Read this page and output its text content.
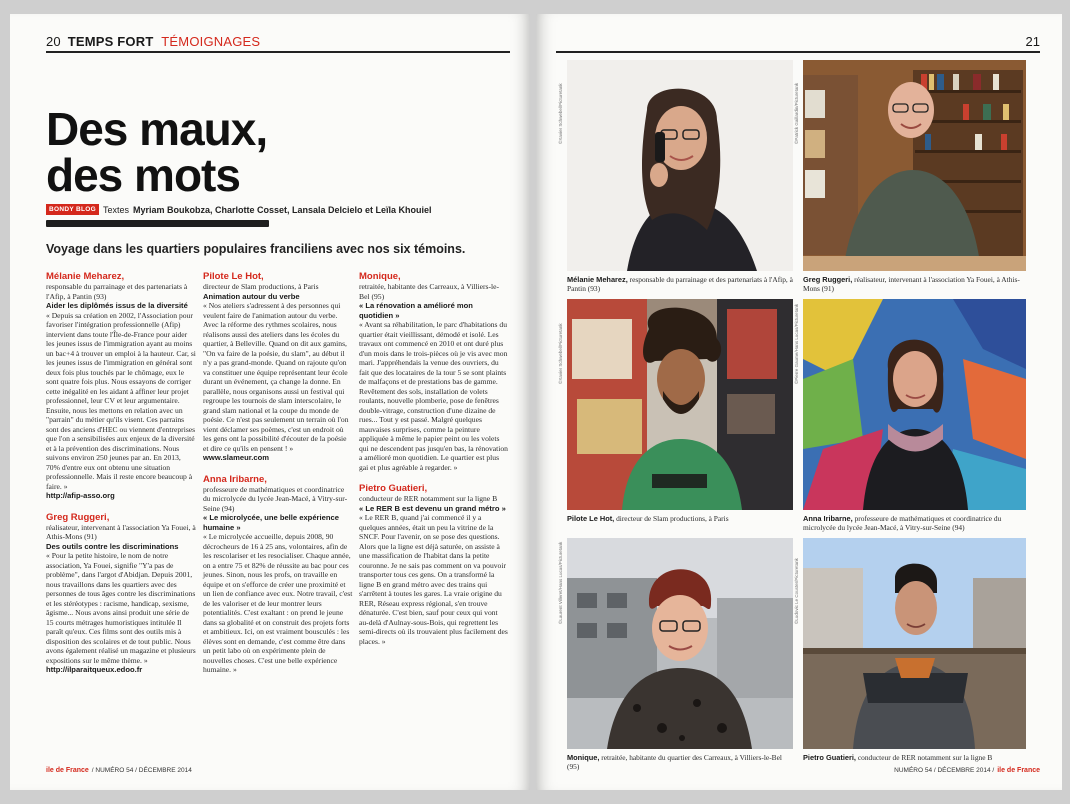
20 TEMPS FORT TÉMOIGNAGES
Des maux,
des mots
BONDY BLOG Textes Myriam Boukobza, Charlotte Cosset, Lansala Delcielo et Leïla Khouiel
Voyage dans les quartiers populaires franciliens avec nos six témoins.
Mélanie Meharez,

responsable du parrainage et des partenariats à l'Afip, à Pantin (93)

Aider les diplômés issus de la diversité

« Depuis sa création en 2002, l'Association pour favoriser l'intégration professionnelle (Afip) intervient dans toute l'Île-de-France pour aider les jeunes issus de l'immigration ayant au moins un bac+4 à trouver un emploi à la hauteur. Car, si les jeunes issus de l'immigration en général sont deux fois plus touchés par le chômage, eux le sont quatre fois plus. Nous essayons de corriger cette inégalité en les aidant à affiner leur projet professionnel, leur CV et leur argumentaire. Ensuite, nous les mettons en relation avec un "parrain" du métier qu'ils visent. Ces parrains sont des anciens d'HEC ou viennent d'entreprises que l'on a sensibilisées aux enjeux de la diversité et à la prévention des discriminations. Nous suivons environ 250 jeunes par an. En 2013, 70% d'entre eux ont obtenu une situation professionnelle. Mais il reste encore beaucoup à faire. »

http://afip-asso.org

Greg Ruggeri,

réalisateur, intervenant à l'association Ya Fouei, à Athis-Mons (91)

Des outils contre les discriminations

« Pour la petite histoire, le nom de notre association, Ya Fouei, signifie "Y'a pas de problème", dans l'argot d'Abidjan. Depuis 2001, nous travaillons dans les quartiers avec des personnes de tous âges contre les discriminations et les stéréotypes : racisme, handicap, sexisme, âgisme... Nous avons ainsi produit une série de 15 courts métrages humoristiques intitulée Il paraît qu'eux. Ces films sont des outils mis à disposition des scolaires et de tout public. Nous avons également réalisé un magazine et plusieurs expositions sur le même thème. »

http://ilparaitqueux.edoo.fr

Pilote Le Hot,

directeur de Slam productions, à Paris

Animation autour du verbe

« Nos ateliers s'adressent à des personnes qui veulent faire de l'animation autour du verbe. Avec la réforme des rythmes scolaires, nous réalisons aussi des ateliers dans les écoles du quartier, à Belleville. Quand on dit aux gamins, "On va faire de la poésie, du slam", au début il n'y a pas grand-monde. Quand on rajoute qu'on va constituer une équipe représentant leur école durant un événement, ça change la donne. En parallèle, nous organisons aussi un festival qui regroupe les tournois de slam interscolaire, le grand slam national et la coupe du monde de poésie. Ce n'est pas seulement un terrain où l'on vient déclamer ses poèmes, c'est un endroit où les gens ont la possibilité d'écouter de la poésie et dire ce qu'ils en pensent ! »

www.slameur.com

Anna Iribarne,

professeure de mathématiques et coordinatrice du microlycée du lycée Jean-Macé, à Vitry-sur-Seine (94)

« Le microlycée, une belle expérience humaine »

« Le microlycée accueille, depuis 2008, 90 décrocheurs de 16 à 25 ans, volontaires, afin de les rescolariser et les resocialiser. Chaque année, on a entre 75 et 82% de réussite au bac pour ces jeunes. Sinon, nous les profs, on travaille en équipe et on s'efforce de créer une proximité et un lien de confiance avec eux. Notre travail, c'est de les valoriser et de leur montrer leurs potentialités. C'est exaltant : on prend le jeune dans sa globalité et on construit des projets forts et ambitieux. Ici, on est vraiment bousculés : les élèves sont en demande, c'est comme être dans un petit labo où on expérimente plein de nouvelles choses. C'est une belle expérience humaine. »

Monique,

retraitée, habitante des Carreaux, à Villiers-le-Bel (95)

« La rénovation a amélioré mon quotidien »

« Avant sa réhabilitation, le parc d'habitations du quartier était vieillissant, démodé et isolé. Les travaux ont commencé en 2010 et ont duré plus d'un mois dans le trois-pièces où je vis avec mon mari. J'appréhendais la venue des ouvriers, du fait que des locataires de la tour 5 se sont plaints de malfaçons et de prestations bas de gamme. Revêtement des sols, installation de volets roulants, nouvelle plomberie, pose de fenêtres double-vitrage, construction d'une dizaine de rues... Tout y est passé. Malgré quelques mauvaises surprises, comme la peinture appliquée à même le papier peint ou les volets qui ne descendent pas jusqu'en bas, la rénovation a amélioré mon quotidien. Le quartier est plus gai et plus agréable à regarder. »

Pietro Guatieri,

conducteur de RER notamment sur la ligne B

« Le RER B est devenu un grand métro »

« Le RER B, quand j'ai commencé il y a quelques années, était un peu la vitrine de la SNCF. Pour l'avenir, on se pose des questions. Alors que la ligne est déjà saturée, on assiste à une massification de l'habitat dans la petite couronne. Je ne sais pas comment on va pouvoir transporter tous ces gens. On a transformé la ligne B en grand métro avec des trains qui s'arrêtent à toutes les gares. La vraie origine du RER, Réseau express régional, s'en trouve dénaturée. C'est bien, sauf pour ceux qui vont au-delà d'Aulnay-sous-Bois, qui regrettent les semi-directs où ils trouvaient plus facilement des places. »

ile de France / NUMÉRO 54 / DÉCEMBRE 2014
21
©Xavier Schwebel/Picturetank
Mélanie Meharez, responsable du parrainage et des partenariats à l'Afip, à Pantin (93)
©Patrick Gaillardin/Picturetank
Greg Ruggeri, réalisateur, intervenant à l'association Ya Fouei, à Athis-Mons (91)
©Xavier Schwebel/Picturetank
Pilote Le Hot, directeur de Slam productions, à Paris
©Pierre Gaume/Hans Lucas/Picturetank
Anna Iribarne, professeure de mathématiques et coordinatrice du microlycée du lycée Jean-Macé, à Vitry-sur-Seine (94)
©Laurent Villeret/Hans Lucas/Picturetank
Monique, retraitée, habitante du quartier des Carreaux, à Villiers-le-Bel (95)
©Ludovic Le Couster/Picturetank
Pietro Guatieri, conducteur de RER notamment sur la ligne B
NUMÉRO 54 / DÉCEMBRE 2014 / ile de France
